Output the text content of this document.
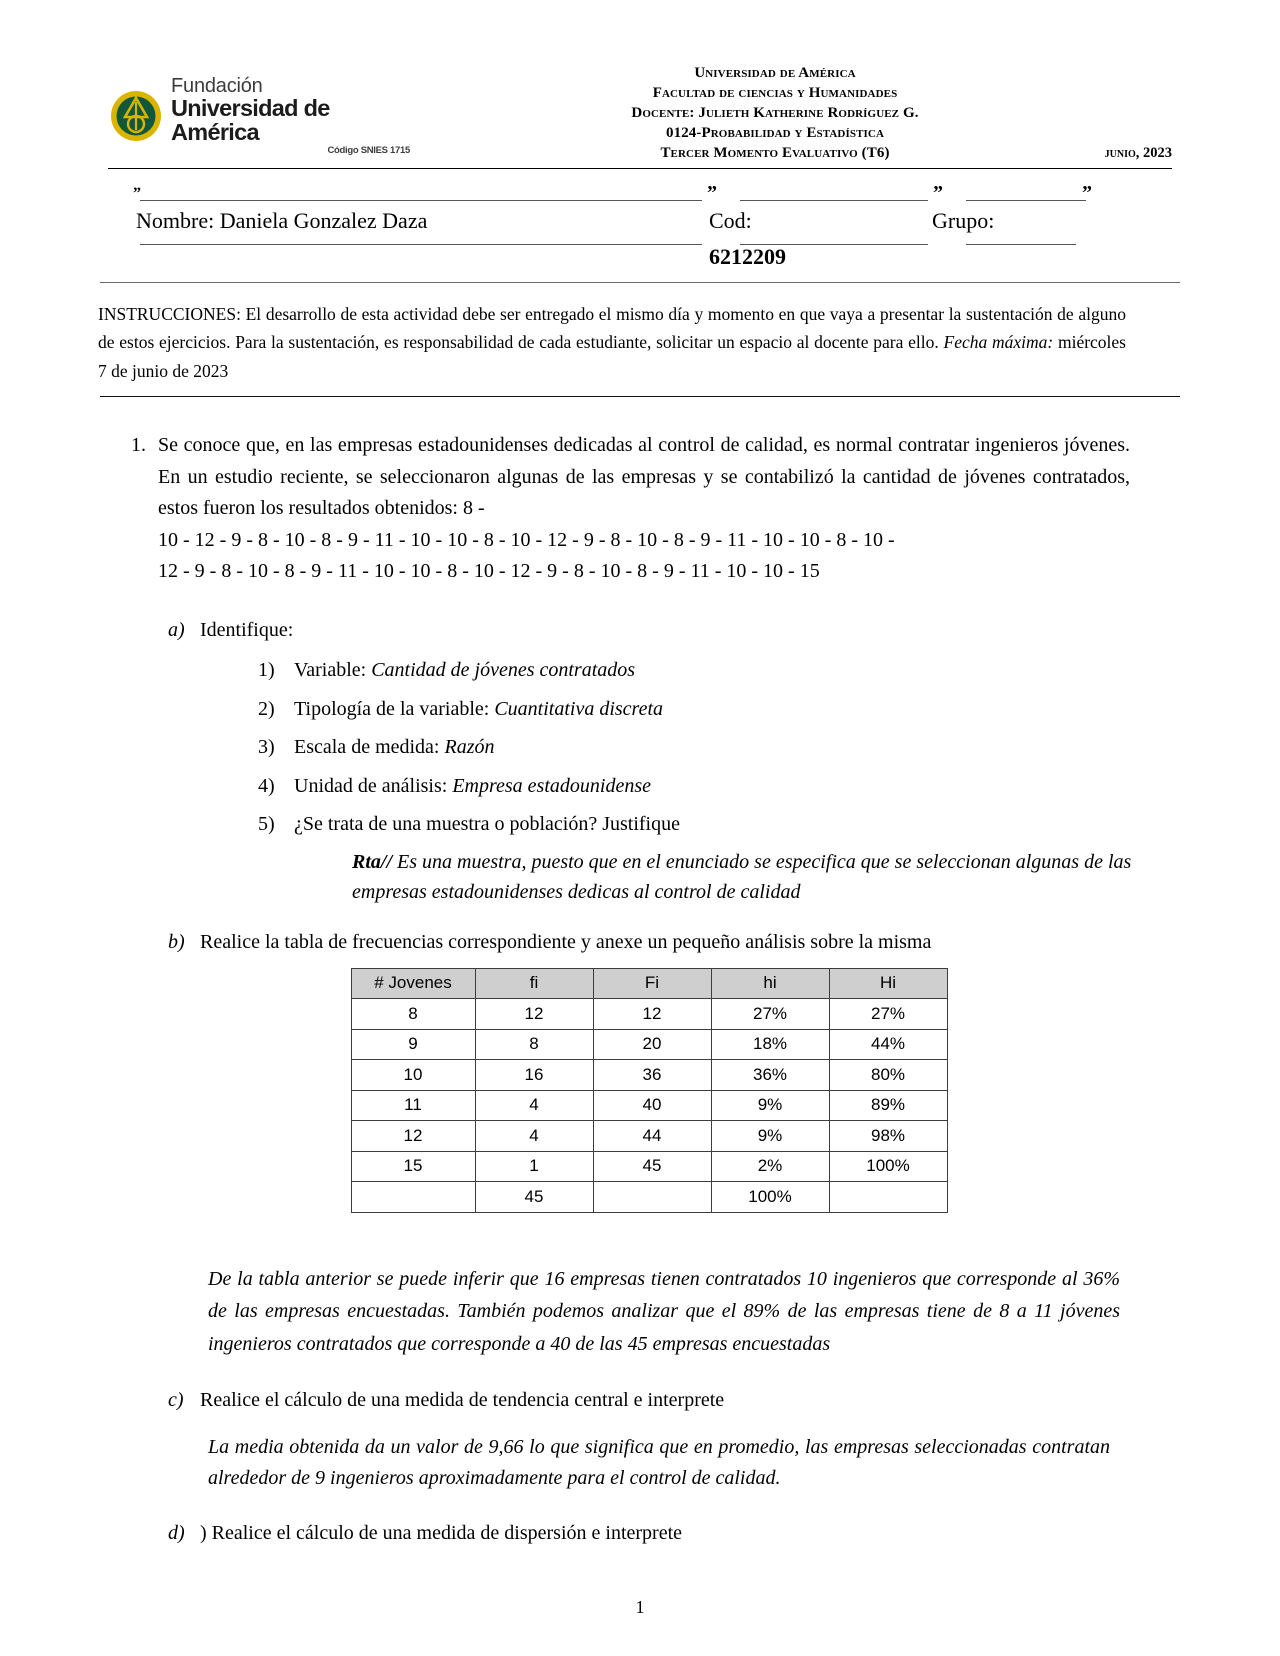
Fundación
Universidad de América
Código SNIES 1715
Universidad de América
Facultad de ciencias y Humanidades
Docente: Julieth Katherine Rodríguez G.
0124-Probabilidad y Estadística
Tercer Momento Evaluativo (T6)	junio, 2023
”	”	”	”
Nombre: Daniela Gonzalez Daza	Cod:
6212209
Grupo:
INSTRUCCIONES: El desarrollo de esta actividad debe ser entregado el mismo día y momento en que vaya a presentar la sustentación de alguno de estos ejercicios. Para la sustentación, es responsabilidad de cada estudiante, solicitar un espacio al docente para ello. Fecha máxima: miércoles 7 de junio de 2023
1. Se conoce que, en las empresas estadounidenses dedicadas al control de calidad, es normal contratar ingenieros jóvenes. En un estudio reciente, se seleccionaron algunas de las empresas y se contabilizó la cantidad de jóvenes contratados, estos fueron los resultados obtenidos: 8 -
10 - 12 - 9 - 8 - 10 - 8 - 9 - 11 - 10 - 10 - 8 - 10 - 12 - 9 - 8 - 10 - 8 - 9 - 11 - 10 - 10 - 8 - 10 -
12 - 9 - 8 - 10 - 8 - 9 - 11 - 10 - 10 - 8 - 10 - 12 - 9 - 8 - 10 - 8 - 9 - 11 - 10 - 10 - 15
a) Identifique:
1) Variable: Cantidad de jóvenes contratados
2) Tipología de la variable: Cuantitativa discreta
3) Escala de medida: Razón
4) Unidad de análisis: Empresa estadounidense
5) ¿Se trata de una muestra o población? Justifique
Rta// Es una muestra, puesto que en el enunciado se especifica que se seleccionan algunas de las empresas estadounidenses dedicas al control de calidad
b) Realice la tabla de frecuencias correspondiente y anexe un pequeño análisis sobre la misma
# Jovenes	fi	Fi	hi	Hi
8	12	12	27%	27%
9	8	20	18%	44%
10	16	36	36%	80%
11	4	40	9%	89%
12	4	44	9%	98%
15	1	45	2%	100%
	45		100%	
De la tabla anterior se puede inferir que 16 empresas tienen contratados 10 ingenieros que corresponde al 36% de las empresas encuestadas. También podemos analizar que el 89% de las empresas tiene de 8 a 11 jóvenes ingenieros contratados que corresponde a 40 de las 45 empresas encuestadas
c) Realice el cálculo de una medida de tendencia central e interprete
La media obtenida da un valor de 9,66 lo que significa que en promedio, las empresas seleccionadas contratan alrededor de 9 ingenieros aproximadamente para el control de calidad.
d) ) Realice el cálculo de una medida de dispersión e interprete
1
